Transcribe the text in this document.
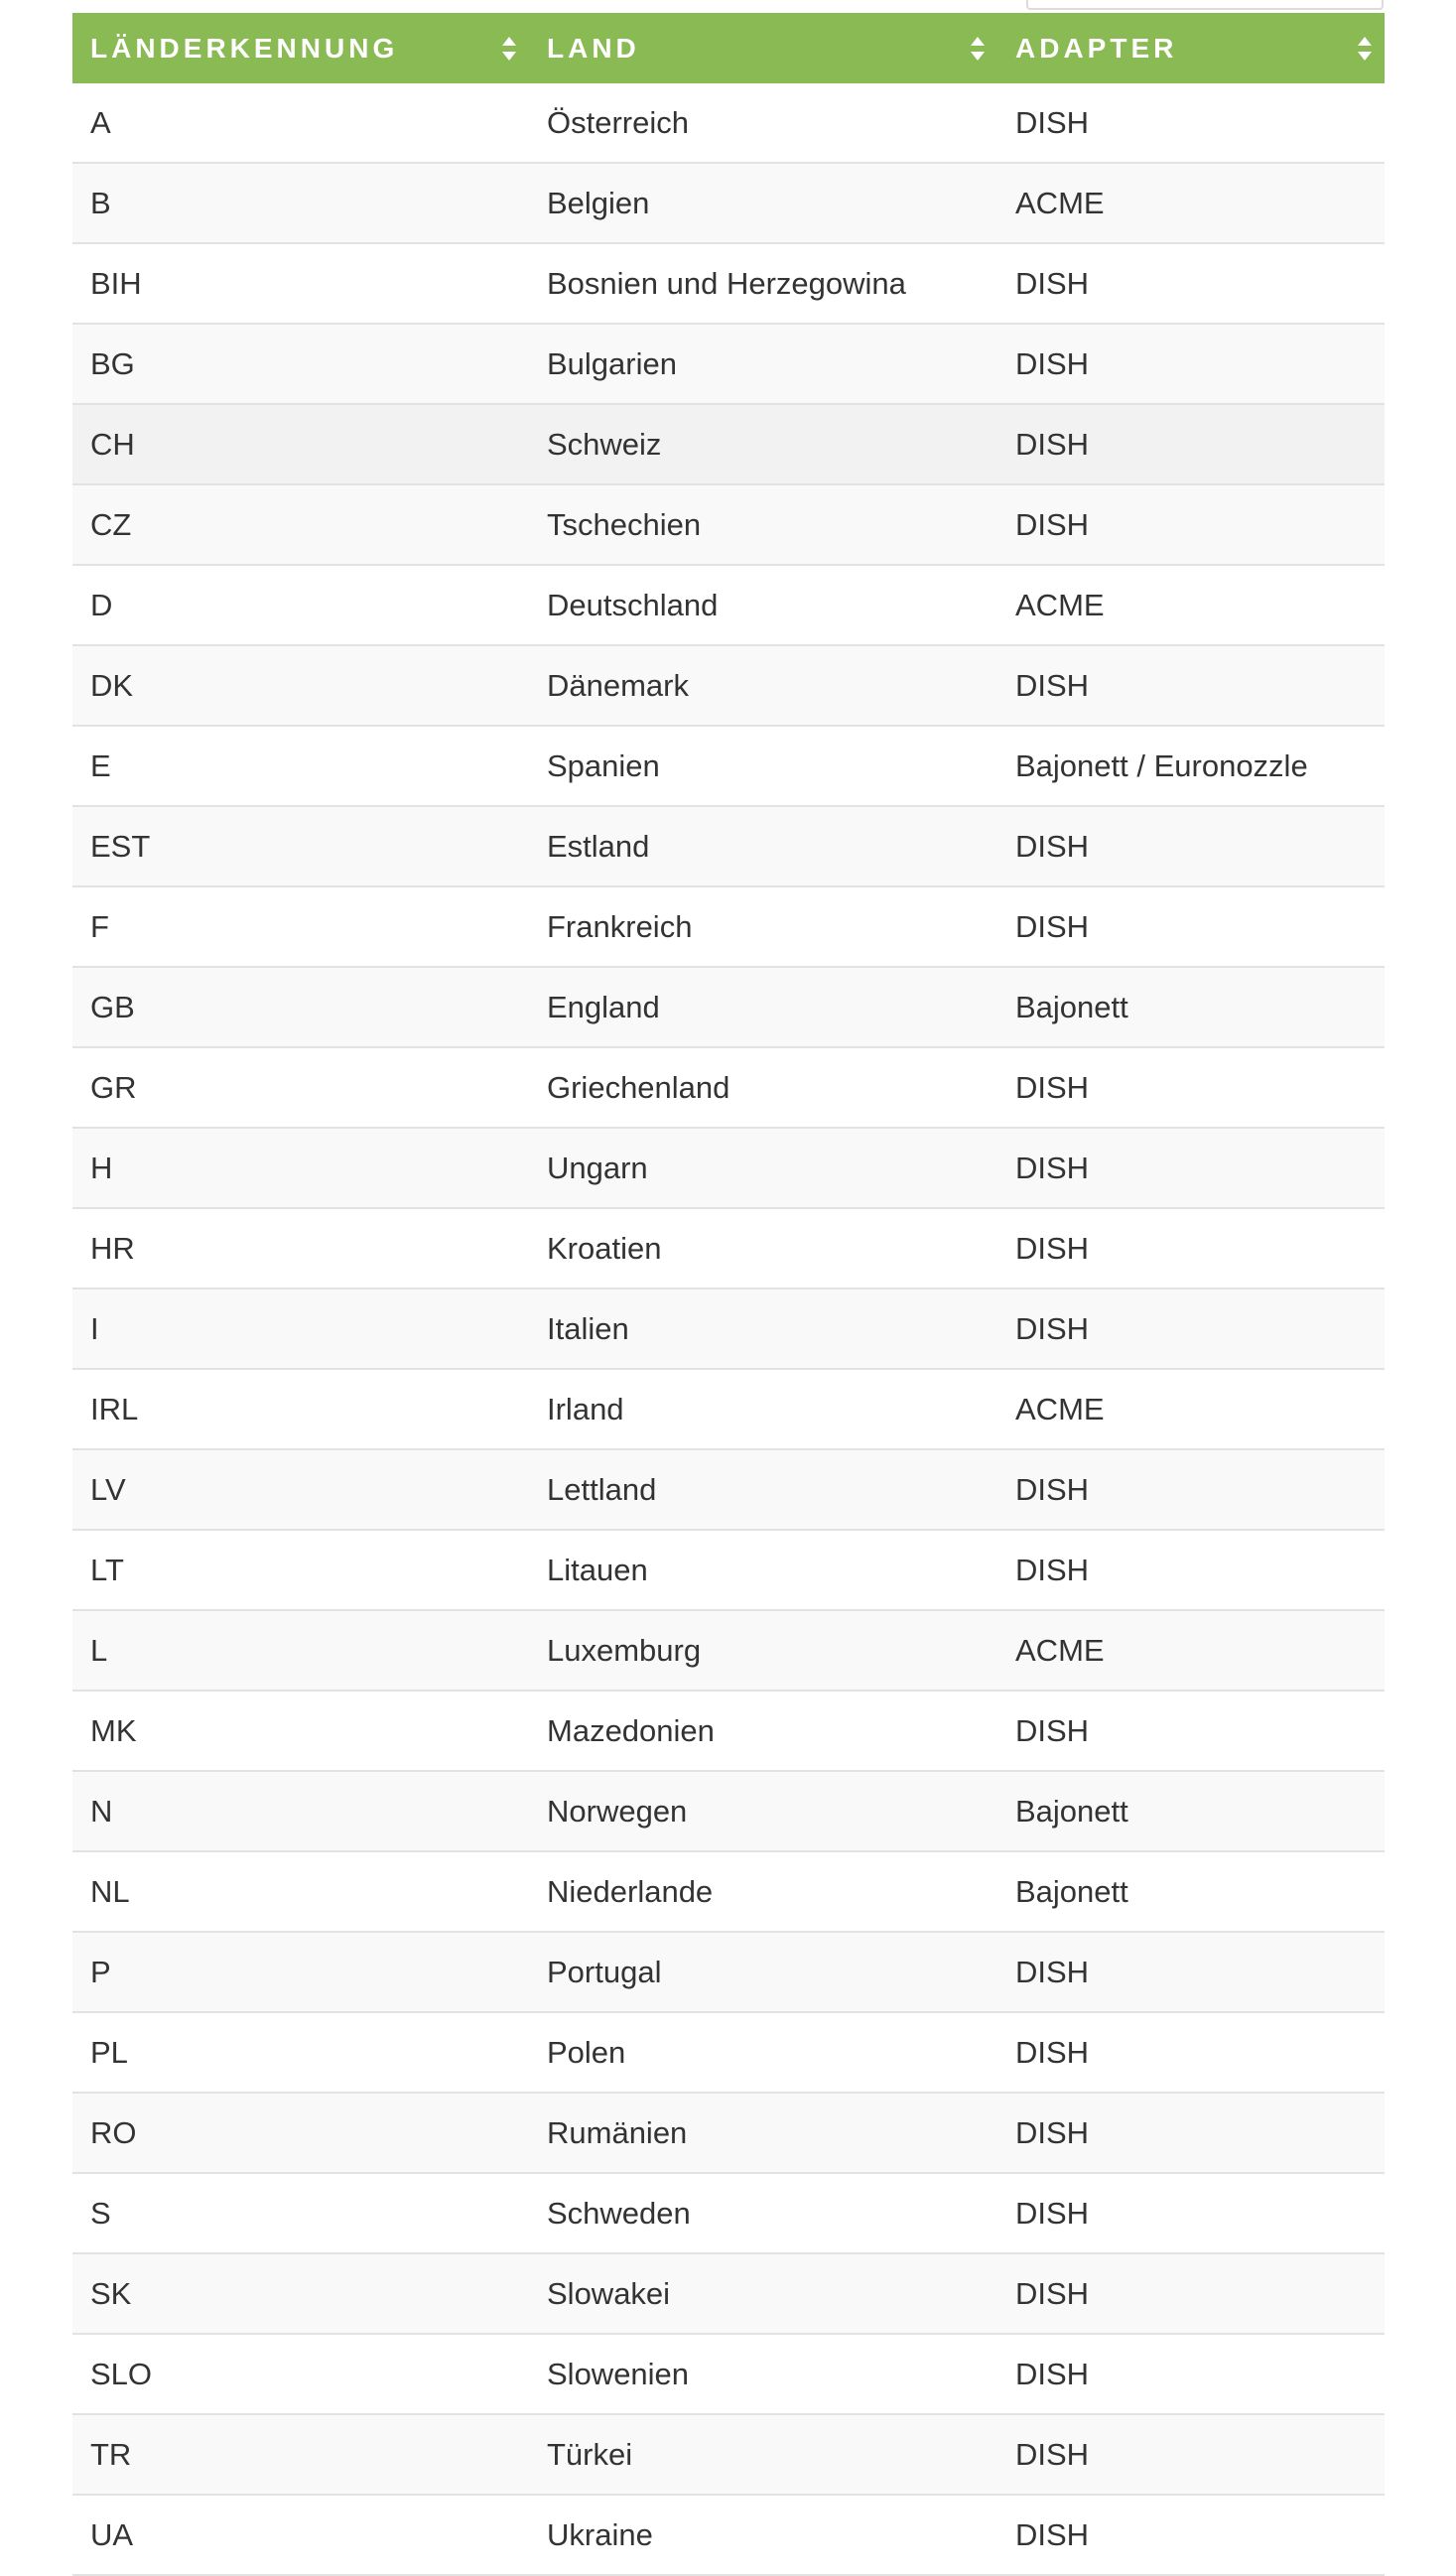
LÄNDERKENNUNG	LAND	ADAPTER

A	Österreich	DISH
B	Belgien	ACME
BIH	Bosnien und Herzegowina	DISH
BG	Bulgarien	DISH
CH	Schweiz	DISH
CZ	Tschechien	DISH
D	Deutschland	ACME
DK	Dänemark	DISH
E	Spanien	Bajonett / Euronozzle
EST	Estland	DISH
F	Frankreich	DISH
GB	England	Bajonett
GR	Griechenland	DISH
H	Ungarn	DISH
HR	Kroatien	DISH
I	Italien	DISH
IRL	Irland	ACME
LV	Lettland	DISH
LT	Litauen	DISH
L	Luxemburg	ACME
MK	Mazedonien	DISH
N	Norwegen	Bajonett
NL	Niederlande	Bajonett
P	Portugal	DISH
PL	Polen	DISH
RO	Rumänien	DISH
S	Schweden	DISH
SK	Slowakei	DISH
SLO	Slowenien	DISH
TR	Türkei	DISH
UA	Ukraine	DISH
